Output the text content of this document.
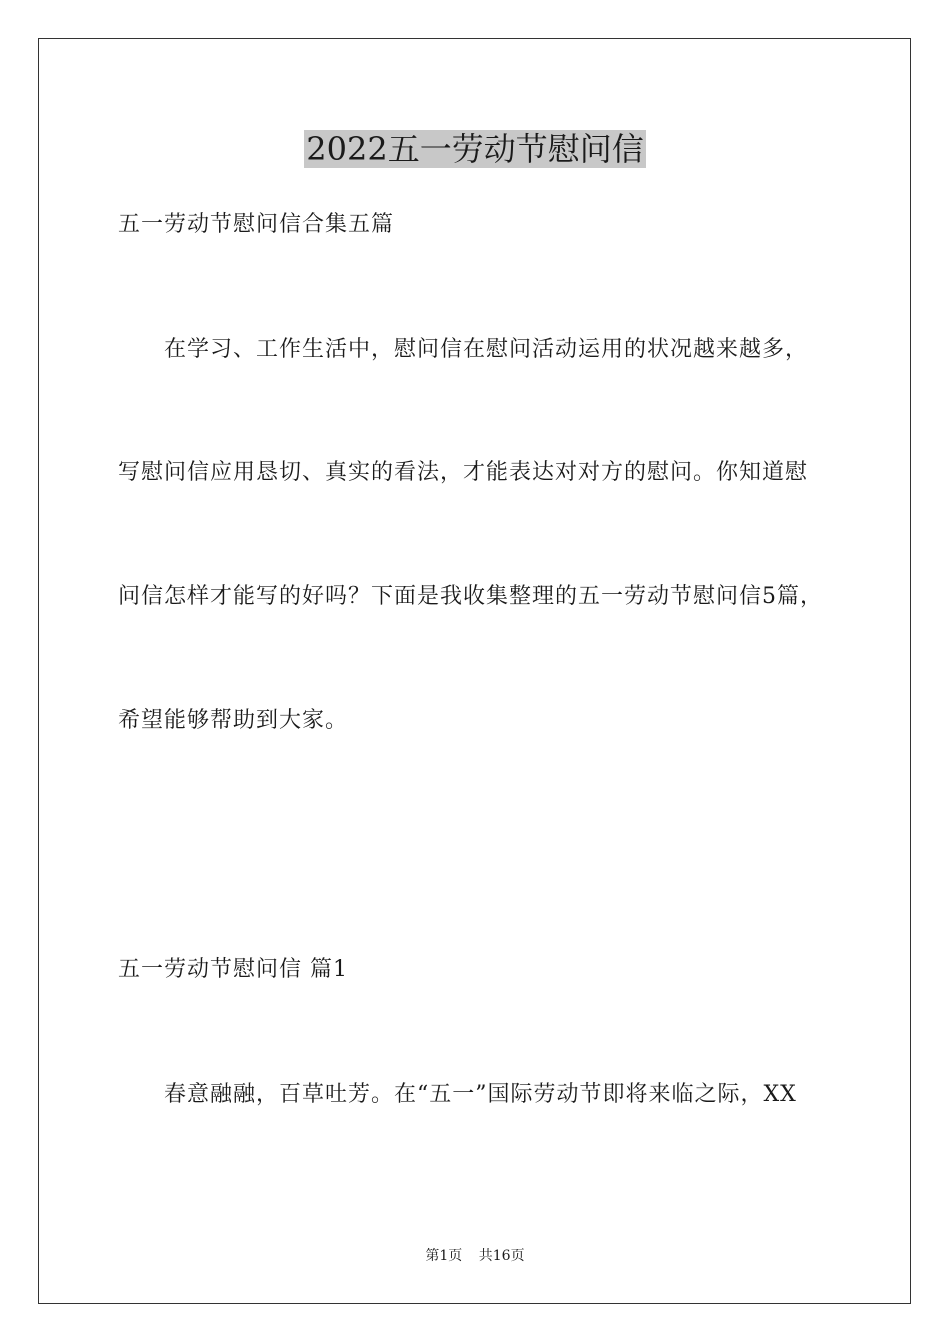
2022五一劳动节慰问信
五一劳动节慰问信合集五篇
在学习、工作生活中，慰问信在慰问活动运用的状况越来越多，
写慰问信应用恳切、真实的看法，才能表达对对方的慰问。你知道慰
问信怎样才能写的好吗？下面是我收集整理的五一劳动节慰问信5篇，
希望能够帮助到大家。
五一劳动节慰问信 篇1
春意融融，百草吐芳。在“五一”国际劳动节即将来临之际，XX
第1页 共16页
